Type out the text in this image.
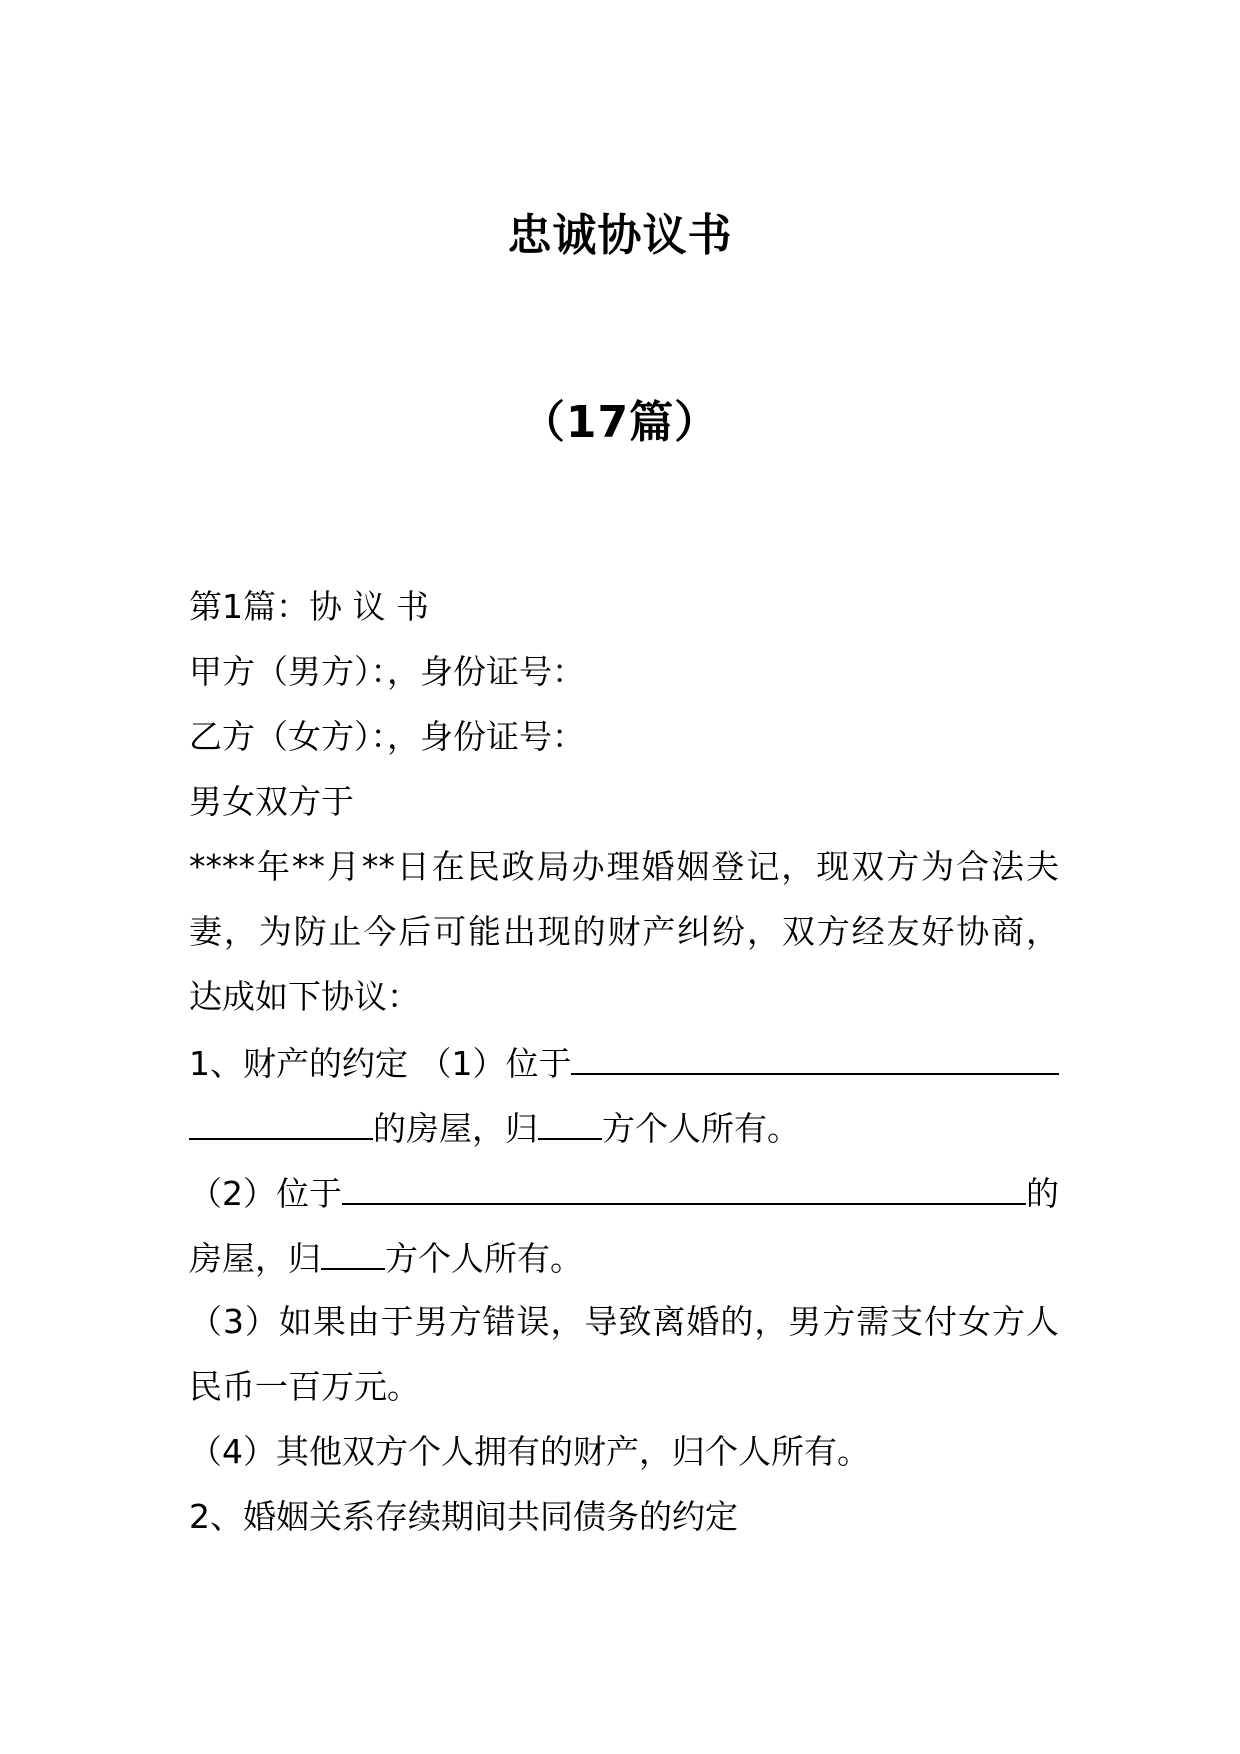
忠诚协议书
（17篇）
第1篇：协 议 书
甲方（男方）：，身份证号：
乙方（女方）：，身份证号：
男女双方于
****年**月**日在民政局办理婚姻登记，现双方为合法夫
妻，为防止今后可能出现的财产纠纷，双方经友好协商，
达成如下协议：
1、财产的约定 （1）位于
的房屋，归 方个人所有。
（2）位于	的
房屋，归 方个人所有。
（3）如果由于男方错误，导致离婚的，男方需支付女方人
民币一百万元。
（4）其他双方个人拥有的财产，归个人所有。
2、婚姻关系存续期间共同债务的约定
